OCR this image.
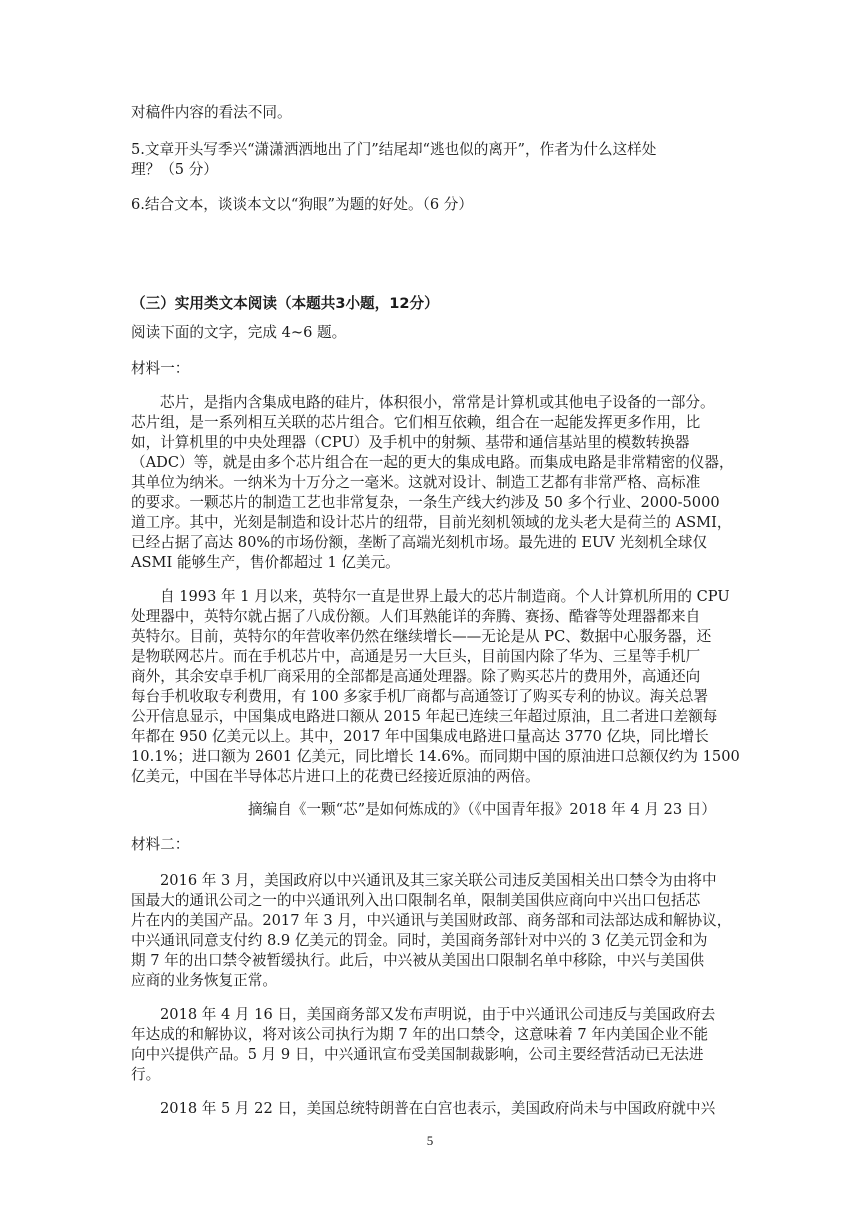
对稿件内容的看法不同。

5.文章开头写季兴“潇潇洒洒地出了门”结尾却“逃也似的离开”，作者为什么这样处

理？（5 分）

6.结合文本，谈谈本文以“狗眼”为题的好处。（6 分）

（三）实用类文本阅读（本题共3小题，12分）

阅读下面的文字，完成 4~6 题。

材料一：

芯片，是指内含集成电路的硅片，体积很小，常常是计算机或其他电子设备的一部分。

芯片组，是一系列相互关联的芯片组合。它们相互依赖，组合在一起能发挥更多作用，比

如，计算机里的中央处理器（CPU）及手机中的射频、基带和通信基站里的模数转换器

（ADC）等，就是由多个芯片组合在一起的更大的集成电路。而集成电路是非常精密的仪器，

其单位为纳米。一纳米为十万分之一毫米。这就对设计、制造工艺都有非常严格、高标准

的要求。一颗芯片的制造工艺也非常复杂，一条生产线大约涉及 50 多个行业、2000-5000

道工序。其中，光刻是制造和设计芯片的纽带，目前光刻机领域的龙头老大是荷兰的 ASMI，

已经占据了高达 80%的市场份额，垄断了高端光刻机市场。最先进的 EUV 光刻机全球仅

ASMI 能够生产，售价都超过 1 亿美元。

自 1993 年 1 月以来，英特尔一直是世界上最大的芯片制造商。个人计算机所用的 CPU

处理器中，英特尔就占据了八成份额。人们耳熟能详的奔腾、赛扬、酷睿等处理器都来自

英特尔。目前，英特尔的年营收率仍然在继续增长——无论是从 PC、数据中心服务器，还

是物联网芯片。而在手机芯片中，高通是另一大巨头，目前国内除了华为、三星等手机厂

商外，其余安卓手机厂商采用的全部都是高通处理器。除了购买芯片的费用外，高通还向

每台手机收取专利费用，有 100 多家手机厂商都与高通签订了购买专利的协议。海关总署

公开信息显示，中国集成电路进口额从 2015 年起已连续三年超过原油，且二者进口差额每

年都在 950 亿美元以上。其中，2017 年中国集成电路进口量高达 3770 亿块，同比增长

10.1%；进口额为 2601 亿美元，同比增长 14.6%。而同期中国的原油进口总额仅约为 1500

亿美元，中国在半导体芯片进口上的花费已经接近原油的两倍。

摘编自《一颗“芯”是如何炼成的》（《中国青年报》2018 年 4 月 23 日）

材料二：

2016 年 3 月，美国政府以中兴通讯及其三家关联公司违反美国相关出口禁令为由将中

国最大的通讯公司之一的中兴通讯列入出口限制名单，限制美国供应商向中兴出口包括芯

片在内的美国产品。2017 年 3 月，中兴通讯与美国财政部、商务部和司法部达成和解协议，

中兴通讯同意支付约 8.9 亿美元的罚金。同时，美国商务部针对中兴的 3 亿美元罚金和为

期 7 年的出口禁令被暂缓执行。此后，中兴被从美国出口限制名单中移除，中兴与美国供

应商的业务恢复正常。

2018 年 4 月 16 日，美国商务部又发布声明说，由于中兴通讯公司违反与美国政府去

年达成的和解协议，将对该公司执行为期 7 年的出口禁令，这意味着 7 年内美国企业不能

向中兴提供产品。5 月 9 日，中兴通讯宣布受美国制裁影响，公司主要经营活动已无法进

行。

2018 年 5 月 22 日，美国总统特朗普在白宫也表示，美国政府尚未与中国政府就中兴

5
